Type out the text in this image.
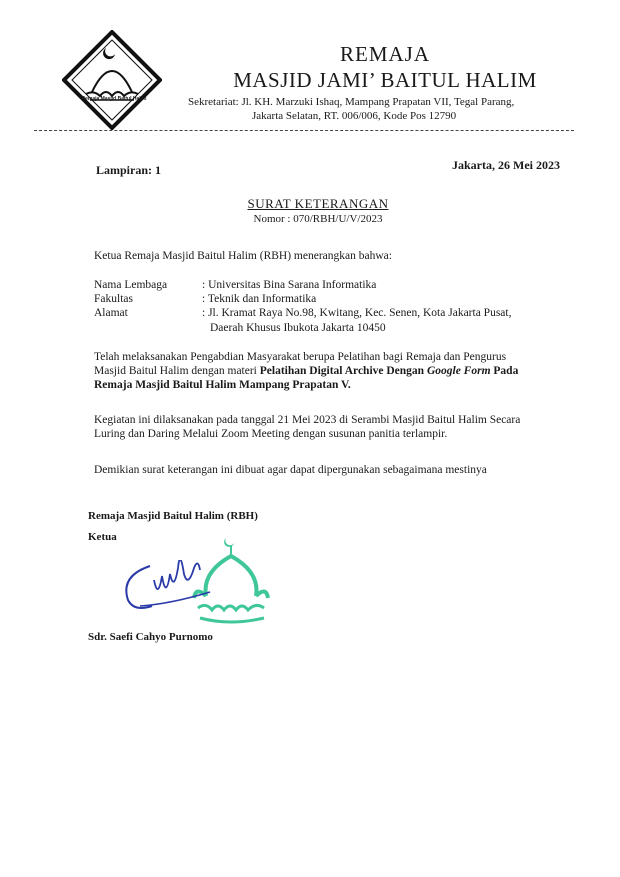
Remaja Masjid Baitul Halim
REMAJA
MASJID JAMI’ BAITUL HALIM
Sekretariat: Jl. KH. Marzuki Ishaq, Mampang Prapatan VII, Tegal Parang,
Jakarta Selatan, RT. 006/006, Kode Pos 12790
Lampiran: 1	Jakarta, 26 Mei 2023
SURAT KETERANGAN
Nomor : 070/RBH/U/V/2023
Ketua Remaja Masjid Baitul Halim (RBH) menerangkan bahwa:
Nama Lembaga	: Universitas Bina Sarana Informatika
Fakultas	: Teknik dan Informatika
Alamat	: Jl. Kramat Raya No.98, Kwitang, Kec. Senen, Kota Jakarta Pusat,
Daerah Khusus Ibukota Jakarta 10450
Telah melaksanakan Pengabdian Masyarakat berupa Pelatihan bagi Remaja dan Pengurus
Masjid Baitul Halim dengan materi Pelatihan Digital Archive Dengan Google Form Pada
Remaja Masjid Baitul Halim Mampang Prapatan V.
Kegiatan ini dilaksanakan pada tanggal 21 Mei 2023 di Serambi Masjid Baitul Halim Secara
Luring dan Daring Melalui Zoom Meeting dengan susunan panitia terlampir.
Demikian surat keterangan ini dibuat agar dapat dipergunakan sebagaimana mestinya
Remaja Masjid Baitul Halim (RBH)
Ketua
Sdr. Saefi Cahyo Purnomo
